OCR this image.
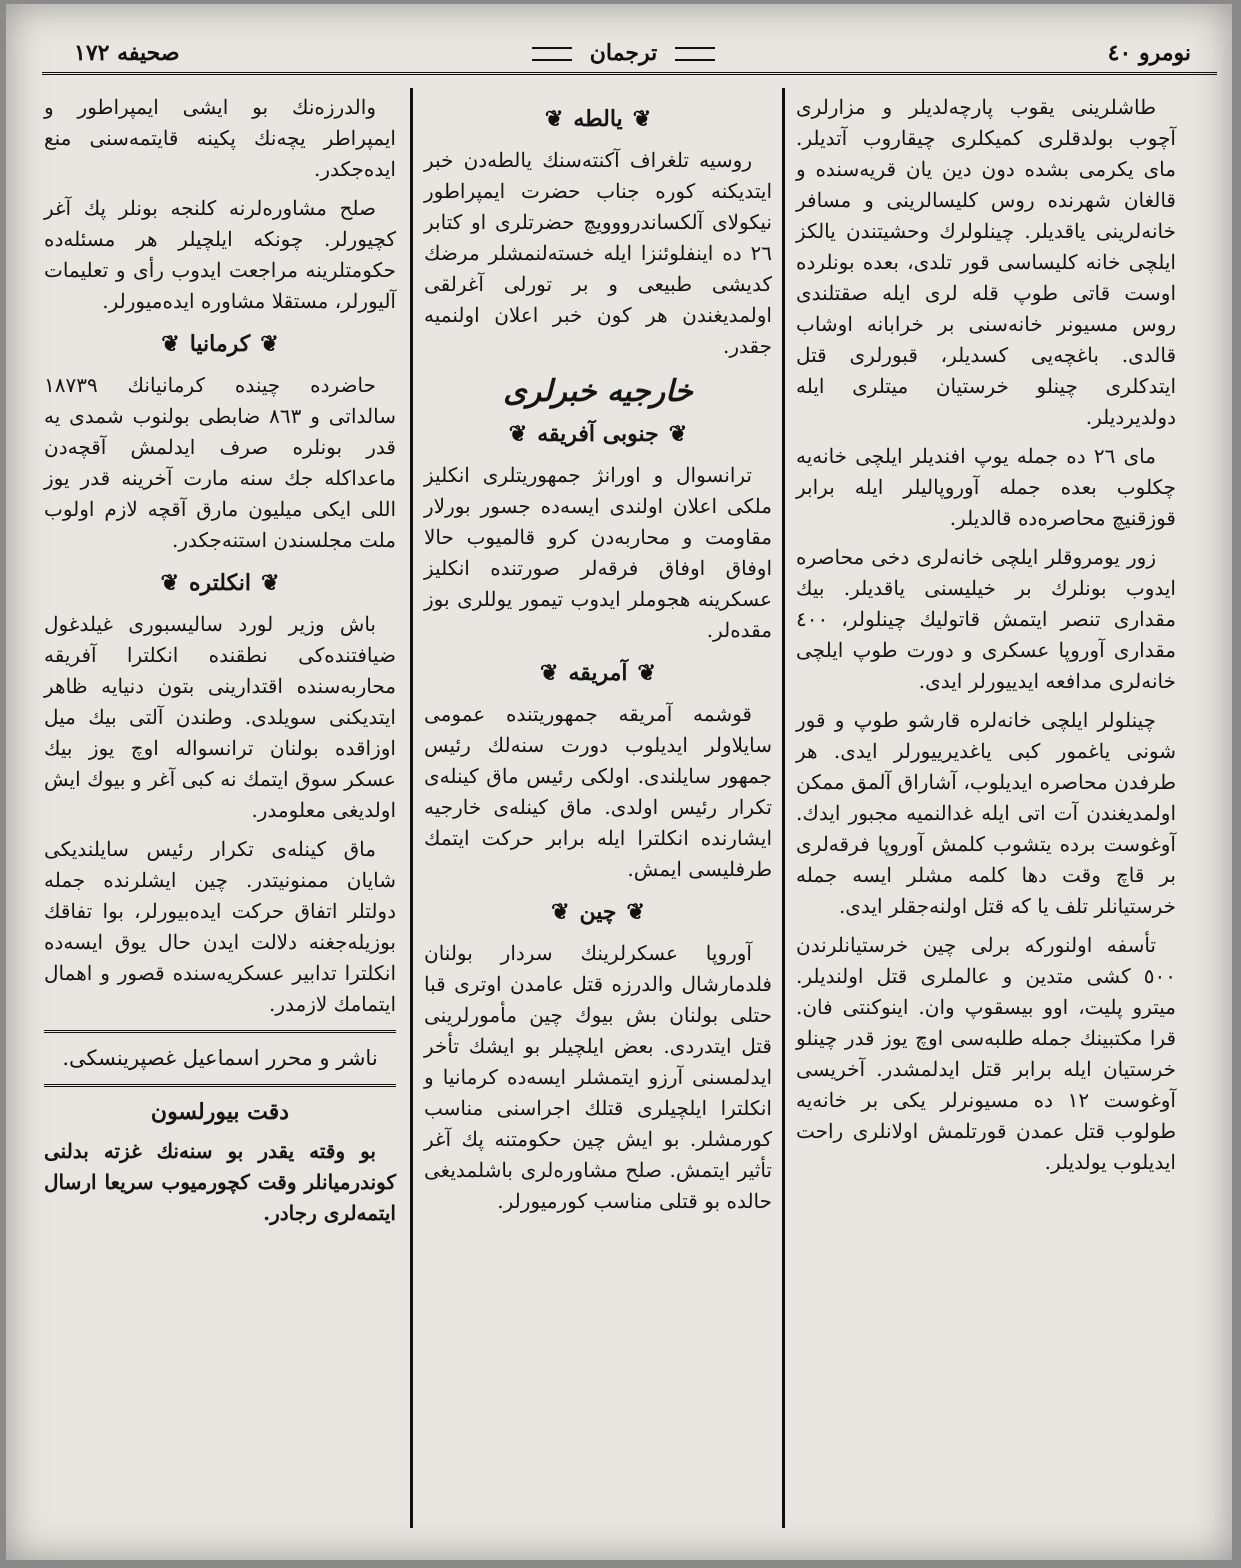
صحيفه ١٧٢	ترجمان	نومرو ٤٠

طاشلرینی یقوب پارچه‌لدیلر و مزارلری آچوب بولدقلری کمیکلری چیقاروب آتدیلر. مای یکرمی بشده دون دین یان قریه‌سنده و قالغان شهرنده روس کلیسالرینی و مسافر خانه‌لرینی یاقدیلر. چینلولرك وحشیتندن یالکز ایلچی خانه کلیساسی قور تلدی، بعده بونلرده اوست قاتی طوپ قله لری ایله صقتلندی روس مسیونر خانه‌سنی بر خرابانه اوشاب قالدی. باغچه‌یی کسدیلر، قبورلری قتل ایتدکلری چینلو خرستیان میتلری ایله دولدیردیلر.

مای ٢٦ ده جمله یوپ افندیلر ایلچی خانه‌یه چکلوب بعده جمله آوروپالیلر ایله برابر قوزقنیچ محاصره‌ده قالدیلر.

زور یومروقلر ایلچی خانه‌لری دخی محاصره ایدوب بونلرك بر خیلیسنی یاقدیلر. بیك مقداری تنصر ایتمش قاتولیك چینلولر، ٤٠٠ مقداری آوروپا عسکری و دورت طوپ ایلچی خانه‌لری مدافعه ایدییورلر ایدی.

چینلولر ایلچی خانه‌لره قارشو طوپ و قور شونی یاغمور کبی یاغدیرییورلر ایدی. هر طرفدن محاصره ایدیلوب، آشاراق آلمق ممکن اولمدیغندن آت اتی ایله غدالنمیه مجبور ایدك. آوغوست برده یتشوب کلمش آوروپا فرقه‌لری بر قاچ وقت دها کلمه مشلر ایسه جمله خرستیانلر تلف یا که قتل اولنه‌جقلر ایدی.

تأسفه اولنورکه برلی چین خرستیانلرندن ٥٠٠ کشی متدین و عالملری قتل اولندیلر. میترو پلیت، اوو بیسقوپ وان. اینوکنتی فان. قرا مکتبینك جمله طلبه‌سی اوچ یوز قدر چینلو خرستیان ایله برابر قتل ایدلمشدر. آخریسی آوغوست ١٢ ده مسیونرلر یکی بر خانه‌یه طولوب قتل عمدن قورتلمش اولانلری راحت ایدیلوب یولدیلر.

❦ یالطه ❦

روسیه تلغراف آکنته‌سنك یالطه‌دن خبر ایتدیکنه کوره جناب حضرت ایمپراطور نیکولای آلکساندرووویچ حضرتلری او کتابر ٢٦ ده اینفلوئنزا ایله خسته‌لنمشلر مرضك کدیشی طبیعی و بر تورلی آغرلقی اولمدیغندن هر کون خبر اعلان اولنمیه جقدر.

خارجیه خبرلری
❦ جنوبی آفریقه ❦

ترانسوال و اورانژ جمهوریتلری انکلیز ملکی اعلان اولندی ایسه‌ده جسور بورلار مقاومت و محاربه‌دن کرو قالمیوب حالا اوفاق اوفاق فرقه‌لر صورتنده انکلیز عسکرینه هجوملر ایدوب تیمور یوللری بوز مقده‌لر.

❦ آمریقه ❦

قوشمه آمریقه جمهوریتنده عمومی سایلاولر ایدیلوب دورت سنه‌لك رئیس جمهور سایلندی. اولکی رئیس ماق کینله‌ی تکرار رئیس اولدی. ماق کینله‌ی خارجیه ایشارنده انکلترا ایله برابر حرکت ایتمك طرفلیسی ایمش.

❦ چین ❦

آوروپا عسکرلرینك سردار بولنان فلدمارشال والدرزه قتل عامدن اوتری قبا حتلی بولنان بش بیوك چین مأمورلرینی قتل ایتدردی. بعض ایلچیلر بو ایشك تأخر ایدلمسنی آرزو ایتمشلر ایسه‌ده کرمانیا و انکلترا ایلچیلری قتلك اجراسنی مناسب کورمشلر. بو ایش چین حکومتنه پك آغر تأثیر ایتمش. صلح مشاوره‌لری باشلمدیغی حالده بو قتلی مناسب کورمیورلر.

والدرزه‌نك بو ایشی ایمپراطور و ایمپراطر یچه‌نك پکینه قایتمه‌سنی منع ایده‌جکدر.

صلح مشاوره‌لرنه کلنجه بونلر پك آغر کچیورلر. چونکه ایلچیلر هر مسئله‌ده حکومتلرینه مراجعت ایدوب رأی و تعلیمات آلیورلر، مستقلا مشاوره ایده‌میورلر.

❦ کرمانیا ❦

حاضرده چینده کرمانیانك ١٨٧٣٩ سالداتی و ٨٦٣ ضابطی بولنوب شمدی یه قدر بونلره صرف ایدلمش آقچه‌دن ماعداکله جك سنه مارت آخرینه قدر یوز اللی ایکی میلیون مارق آقچه لازم اولوب ملت مجلسندن استنه‌جکدر.

❦ انکلتره ❦

باش وزیر لورد سالیسبوری غیلدغول ضیافتنده‌کی نطقنده انکلترا آفریقه محاربه‌سنده اقتدارینی بتون دنیایه ظاهر ایتدیکنی سویلدی. وطندن آلتی بیك میل اوزاقده بولنان ترانسواله اوچ یوز بیك عسکر سوق ایتمك نه کبی آغر و بیوك ایش اولدیغی معلومدر.

ماق کینله‌ی تکرار رئیس سایلندیکی شایان ممنونیتدر. چین ایشلرنده جمله دولتلر اتفاق حرکت ایده‌بیورلر، بوا تفاقك بوزیله‌جغنه دلالت ایدن حال یوق ایسه‌ده انکلترا تدابیر عسکریه‌سنده قصور و اهمال ایتمامك لازمدر.

ناشر و محرر اسماعیل غصپرینسکی.
دقت بیورلسون

بو وقته یقدر بو سنه‌نك غزته بدلنی کوندرمیانلر وقت کچورمیوب سریعا ارسال ایتمه‌لری رجادر.
